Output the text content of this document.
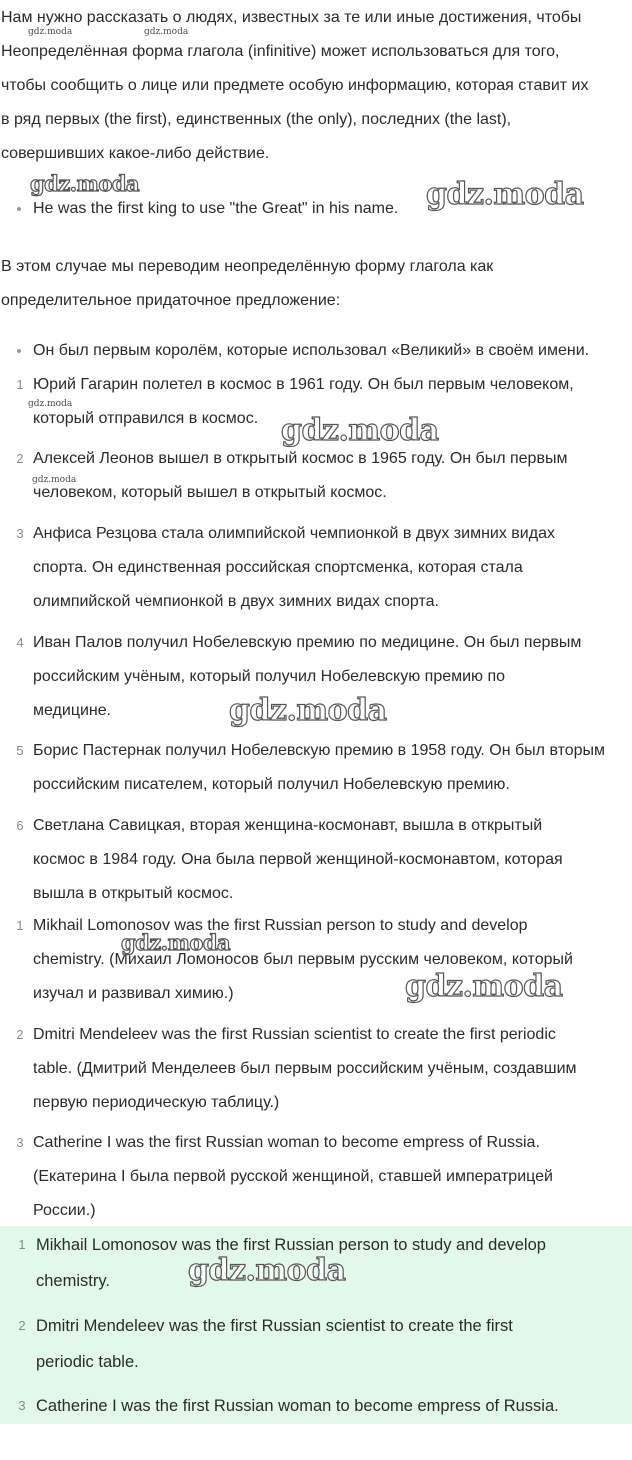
Нам нужно рассказать о людях, известных за те или иные достижения, чтобы
Неопределённая форма глагола (infinitive) может использоваться для того,
чтобы сообщить о лице или предмете особую информацию, которая ставит их
в ряд первых (the first), единственных (the only), последних (the last),
совершивших какое-либо действие.
He was the first king to use "the Great" in his name.
В этом случае мы переводим неопределённую форму глагола как
определительное придаточное предложение:
Он был первым королём, которые использовал «Великий» в своём имени.
1 Юрий Гагарин полетел в космос в 1961 году. Он был первым человеком,
который отправился в космос.
2 Алексей Леонов вышел в открытый космос в 1965 году. Он был первым
человеком, который вышел в открытый космос.
3 Анфиса Резцова стала олимпийской чемпионкой в двух зимних видах
спорта. Он единственная российская спортсменка, которая стала
олимпийской чемпионкой в двух зимних видах спорта.
4 Иван Палов получил Нобелевскую премию по медицине. Он был первым
российским учёным, который получил Нобелевскую премию по
медицине.
5 Борис Пастернак получил Нобелевскую премию в 1958 году. Он был вторым
российским писателем, который получил Нобелевскую премию.
6 Светлана Савицкая, вторая женщина-космонавт, вышла в открытый
космос в 1984 году. Она была первой женщиной-космонавтом, которая
вышла в открытый космос.
1 Mikhail Lomonosov was the first Russian person to study and develop
chemistry. (Михаил Ломоносов был первым русским человеком, который
изучал и развивал химию.)
2 Dmitri Mendeleev was the first Russian scientist to create the first periodic
table. (Дмитрий Менделеев был первым российским учёным, создавшим
первую периодическую таблицу.)
3 Catherine I was the first Russian woman to become empress of Russia.
(Екатерина I была первой русской женщиной, ставшей императрицей
России.)
1 Mikhail Lomonosov was the first Russian person to study and develop
chemistry.
2 Dmitri Mendeleev was the first Russian scientist to create the first
periodic table.
3 Catherine I was the first Russian woman to become empress of Russia.
gdz.moda	gdz.moda
gdz.moda	gdz.moda
gdz.moda
gdz.moda
gdz.moda
gdz.moda
gdz.moda
gdz.moda
gdz.moda
